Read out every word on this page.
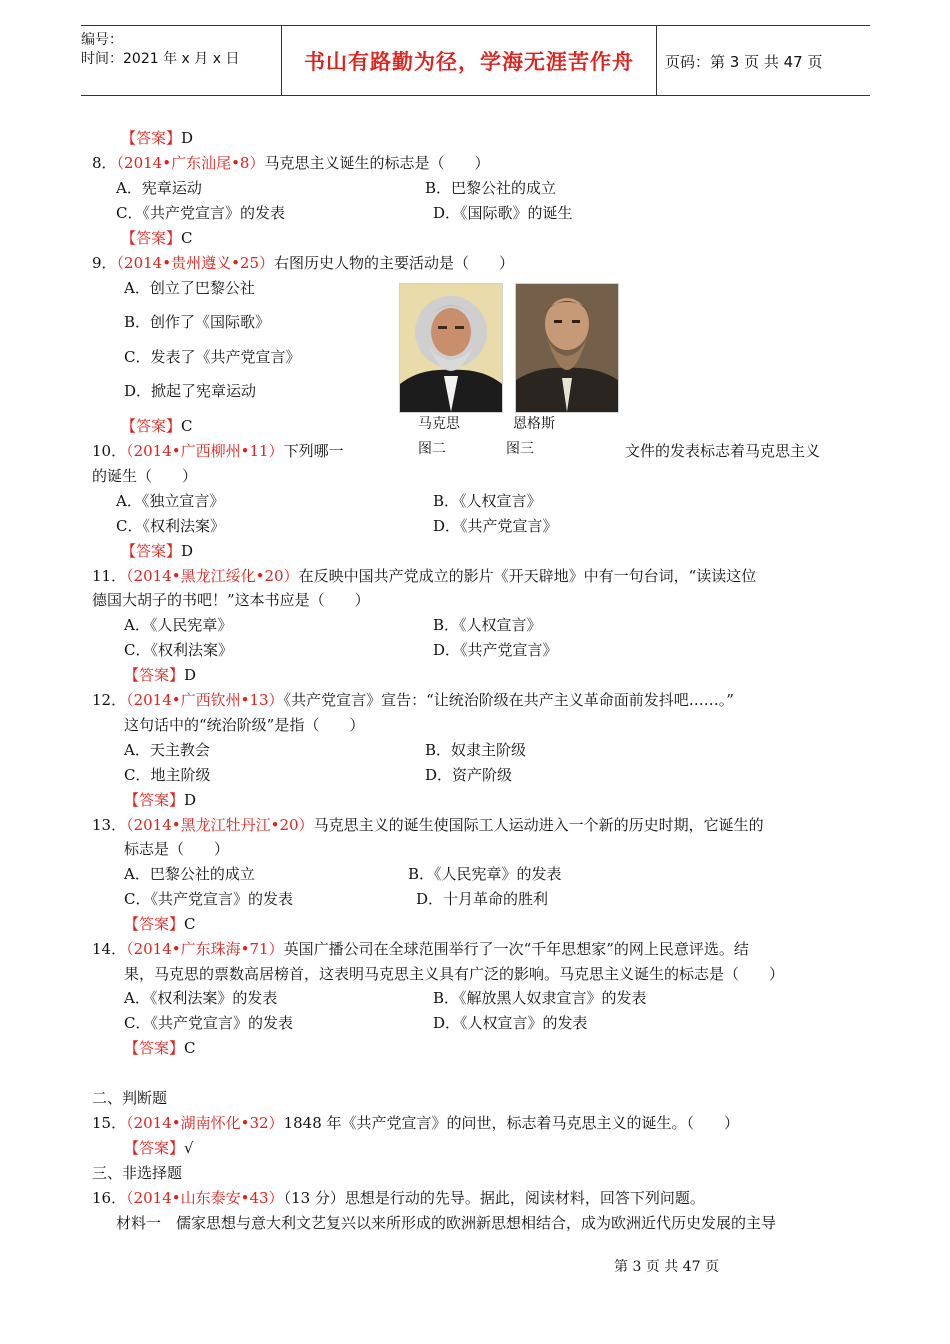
编号：
时间：2021 年 x 月 x 日	书山有路勤为径，学海无涯苦作舟	页码：第 3 页 共 47 页
【答案】D
8．（2014•广东汕尾•8）马克思主义诞生的标志是（　　）
A．宪章运动	B．巴黎公社的成立
C．《共产党宣言》的发表	D．《国际歌》的诞生
【答案】C
9．（2014•贵州遵义•25）右图历史人物的主要活动是（　　）
A．创立了巴黎公社
B．创作了《国际歌》
C．发表了《共产党宣言》
D．掀起了宪章运动
马克思	恩格斯
【答案】C
10．（2014•广西柳州•11）下列哪一	图二	图三	文件的发表标志着马克思主义
的诞生（　　）
A．《独立宣言》	B．《人权宣言》
C．《权利法案》	D．《共产党宣言》
【答案】D
11．（2014•黑龙江绥化•20）在反映中国共产党成立的影片《开天辟地》中有一句台词，“读读这位
德国大胡子的书吧！”这本书应是（　　）
A．《人民宪章》	B．《人权宣言》
C．《权利法案》	D．《共产党宣言》
【答案】D
12．（2014•广西钦州•13）《共产党宣言》宣告：“让统治阶级在共产主义革命面前发抖吧……。”
这句话中的“统治阶级”是指（　　）
A．天主教会	B．奴隶主阶级
C．地主阶级	D．资产阶级
【答案】D
13．（2014•黑龙江牡丹江•20）马克思主义的诞生使国际工人运动进入一个新的历史时期，它诞生的
标志是（　　）
A．巴黎公社的成立	B．《人民宪章》的发表
C．《共产党宣言》的发表	D．十月革命的胜利
【答案】C
14．（2014•广东珠海•71）英国广播公司在全球范围举行了一次“千年思想家”的网上民意评选。结
果，马克思的票数高居榜首，这表明马克思主义具有广泛的影响。马克思主义诞生的标志是（　　）
A．《权利法案》的发表	B．《解放黑人奴隶宣言》的发表
C．《共产党宣言》的发表	D．《人权宣言》的发表
【答案】C
二、判断题
15．（2014•湖南怀化•32）1848 年《共产党宣言》的问世，标志着马克思主义的诞生。（　　）
【答案】√
三、非选择题
16．（2014•山东泰安•43）（13 分）思想是行动的先导。据此，阅读材料，回答下列问题。
材料一　儒家思想与意大利文艺复兴以来所形成的欧洲新思想相结合，成为欧洲近代历史发展的主导
第 3 页 共 47 页
